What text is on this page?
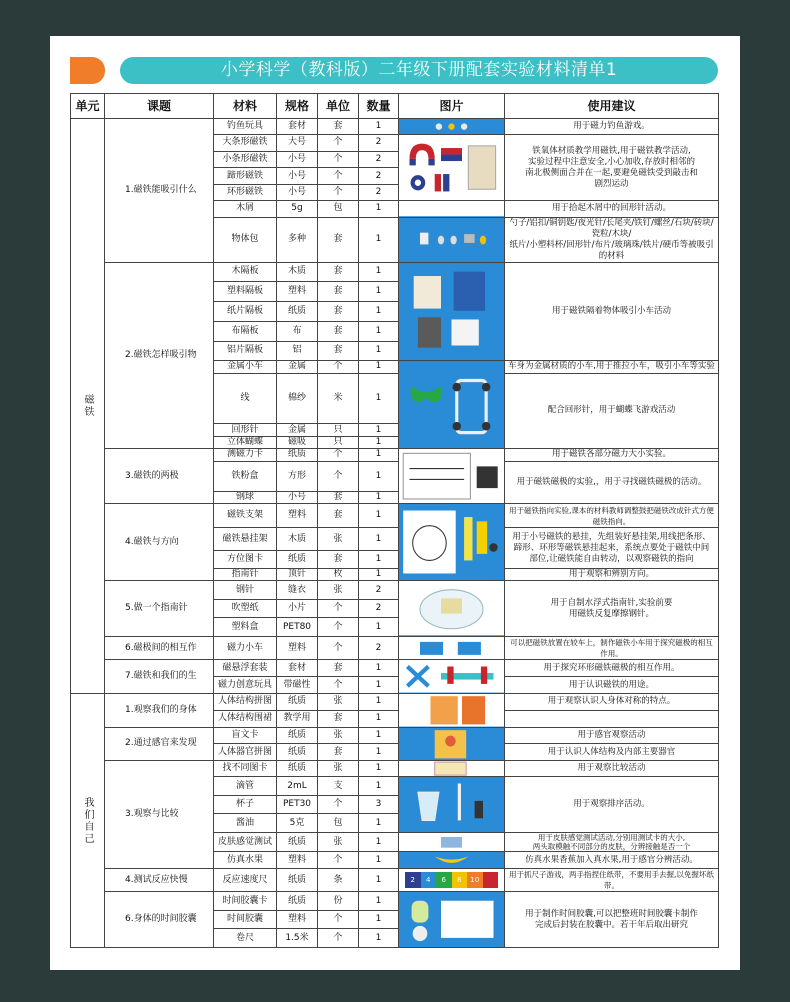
小学科学（教科版）二年级下册配套实验材料清单1
单元	课题	材料	规格	单位	数量	图片	使用建议
磁铁	1.磁铁能吸引什么	钓鱼玩具	套材	套	1		用于磁力钓鱼游戏。
		大条形磁铁	大号	个	2		铁氧体材质教学用磁铁,用于磁铁教学活动,
实验过程中注意安全,小心加收,存放时相邻的
南北极侧面合并在一起,要避免磁铁受到敲击和
剧烈运动

		小条形磁铁	小号	个	2		
		蹄形磁铁	小号	个	2		
		环形磁铁	小号	个	2		
		木屑	5g	包	1		用于拾起木屑中的回形针活动。
		物体包	多种	套	1		勺子/铝扣/铜钥匙/夜光针/长尾夹/铁钉/螺丝/石块/砖块/瓷粒/木块/
纸片/小塑料杯/回形针/布片/玻璃珠/铁片/硬币等被吸引的材料

	2.磁铁怎样吸引物	木隔板	木质	套	1		用于磁铁隔着物体吸引小车活动
		塑料隔板	塑料	套	1		
		纸片隔板	纸质	套	1		
		布隔板	布	套	1		
		铝片隔板	铝	套	1		
		金属小车	金属	个	1		车身为金属材质的小车,用于推拉小车，吸引小车等实验
		线	棉纱	米	1		配合回形针，用于蝴蝶飞游戏活动
		回形针	金属	只	1		
		立体蝴蝶	磁吸	只	1		
	3.磁铁的两极	测磁力卡	纸质	个	1		用于磁铁各部分磁力大小实验。
		铁粉盒	方形	个	1		用于磁铁磁极的实验,，用于寻找磁铁磁极的活动。
		钢球	小号	套	1		
	4.磁铁与方向	磁铁支架	塑料	套	1		用于磁铁指向实验,课本的材料教师调整鼓把磁铁改成针式方便磁铁指向。
		磁铁悬挂架	木质	张	1		用于小号磁铁的悬挂，先组装好悬挂架,用线把条形、
蹄形、环形等磁铁悬挂起来，系统点要处于磁铁中间
部位,让磁铁能自由转动，以观察磁铁的指向

		方位图卡	纸质	套	1		
		指南针	顶针	枚	1		用于观察和辨别方向。
	5.做一个指南针	钢针	缝衣	张	2		用于自制水浮式指南针,实验前要
用磁铁反复摩擦钢针。

		吹塑纸	小片	个	2		
		塑料盒	PET80	个	1		
	6.磁极间的相互作	磁力小车	塑料	个	2		可以把磁铁放置在较车上，制作磁铁小车用于探究磁极的相互作用。
	7.磁铁和我们的生	磁悬浮套装	套材	套	1		用于探究环形磁铁磁极的相互作用。
		磁力创意玩具	带磁性	个	1		用于认识磁铁的用途。
我们自己	1.观察我们的身体	人体结构拼图	纸质	张	1		用于观察认识人身体对称的特点。
		人体结构围裙	教学用	套	1		
	2.通过感官来发现	盲文卡	纸质	张	1		用于感官观察活动
		人体器官拼图	纸质	套	1		用于认识人体结构及内部主要器官
	3.观察与比较	找不同图卡	纸质	张	1		用于观察比较活动
		滴管	2mL	支	1		用于观察排序活动。
		杯子	PET30	个	3		
		酱油	5克	包	1		
		皮肤感觉测试	纸质	张	1		用于皮肤感觉测试活动,分别用测试卡的大小,
两头取模触不同部分的皮肤，分辨接触是否一个

		仿真水果	塑料	个	1		仿真水果香蕉加入真水果,用于感官分辨活动。
	4.测试反应快慢	反应速度尺	纸质	条	1	2 4 6 8 10	用于抓尺子游戏，两手指捏住纸带，不要用手去握,以免握坏纸带。
	6.身体的时间胶囊	时间胶囊卡	纸质	份	1		用于制作时间胶囊,可以把整班时间胶囊卡制作
完成后封装在胶囊中。若干年后取出研究

		时间胶囊	塑料	个	1		
		卷尺	1.5米	个	1		
